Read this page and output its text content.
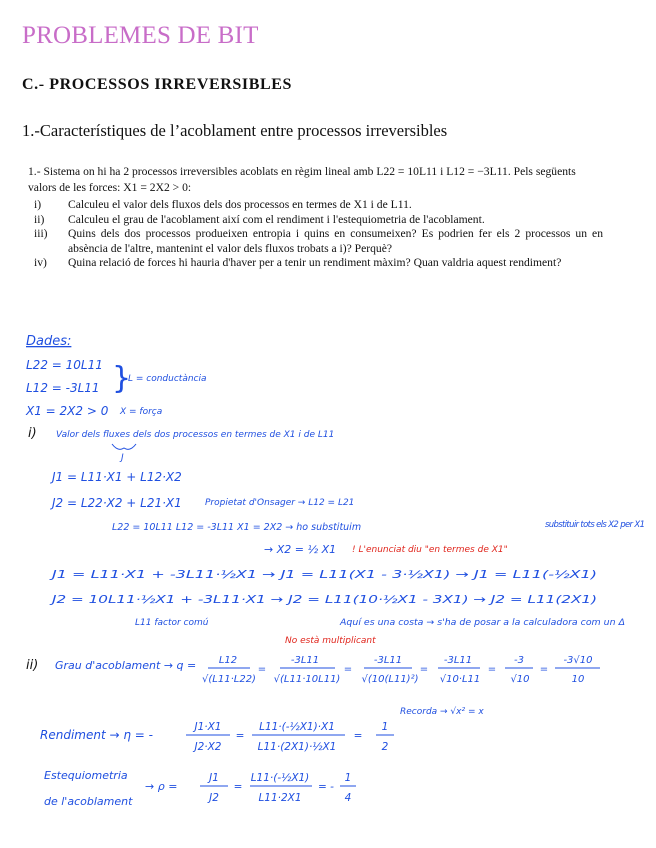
PROBLEMES DE BIT
C.- PROCESSOS IRREVERSIBLES
1.-Característiques de l’acoblament entre processos irreversibles

1.- Sistema on hi ha 2 processos irreversibles acoblats en règim lineal amb L22 = 10L11 i L12 = −3L11. Pels següents valors de les forces: X1 = 2X2 > 0:

i)	Calculeu el valor dels fluxos dels dos processos en termes de X1 i de L11.
ii)	Calculeu el grau de l'acoblament així com el rendiment i l'estequiometria de l'acoblament.
iii)	Quins dels dos processos produeixen entropia i quins en consumeixen? Es podrien fer els 2 processos un en absència de l'altre, mantenint el valor dels fluxos trobats a i)? Perquè?
iv)	Quina relació de forces hi hauria d'haver per a tenir un rendiment màxim? Quan valdria aquest rendiment?
Dades:
L22 = 10L11
L12 = -3L11 }
L = conductància
X1 = 2X2 > 0 X = força
i) Valor dels fluxes dels dos processos en termes de X1 i de L11
J
J1 = L11·X1 + L12·X2
J2 = L22·X2 + L21·X1	Propietat d'Onsager → L12 = L21
L22 = 10L11 L12 = -3L11 X1 = 2X2 → ho substituim	substituir tots els X2 per X1
→ X2 = ½ X1
J1 = L11·X1 + -3L11·½X1 → J1 = L11(X1 - 3·½X1) → J1 = L11(-½X1)
J2 = 10L11·½X1 + -3L11·X1 → J2 = L11(10·½X1 - 3X1) → J2 = L11(2X1)
L11 factor comú	Aquí es una costa → s'ha de posar a la calculadora com un Δ
ii) Grau d'acoblament → q =
! L'enunciat diu "en termes de X1"
No està multiplicant
L12
√(L11·L22)
=
-3L11
√(L11·10L11)
=
-3L11
√(10(L11)²)
=
-3L11
√10·L11
=
-3
√10
=
-3√10
10
Recorda → √x² = x
Rendiment → η = -
J1·X1
J2·X2
=
L11·(-½X1)·X1
L11·(2X1)·½X1
=
1
2
Estequiometria
de l'acoblament
→ ρ =
J1
J2
=
L11·(-½X1)
L11·2X1
= -
1
4
